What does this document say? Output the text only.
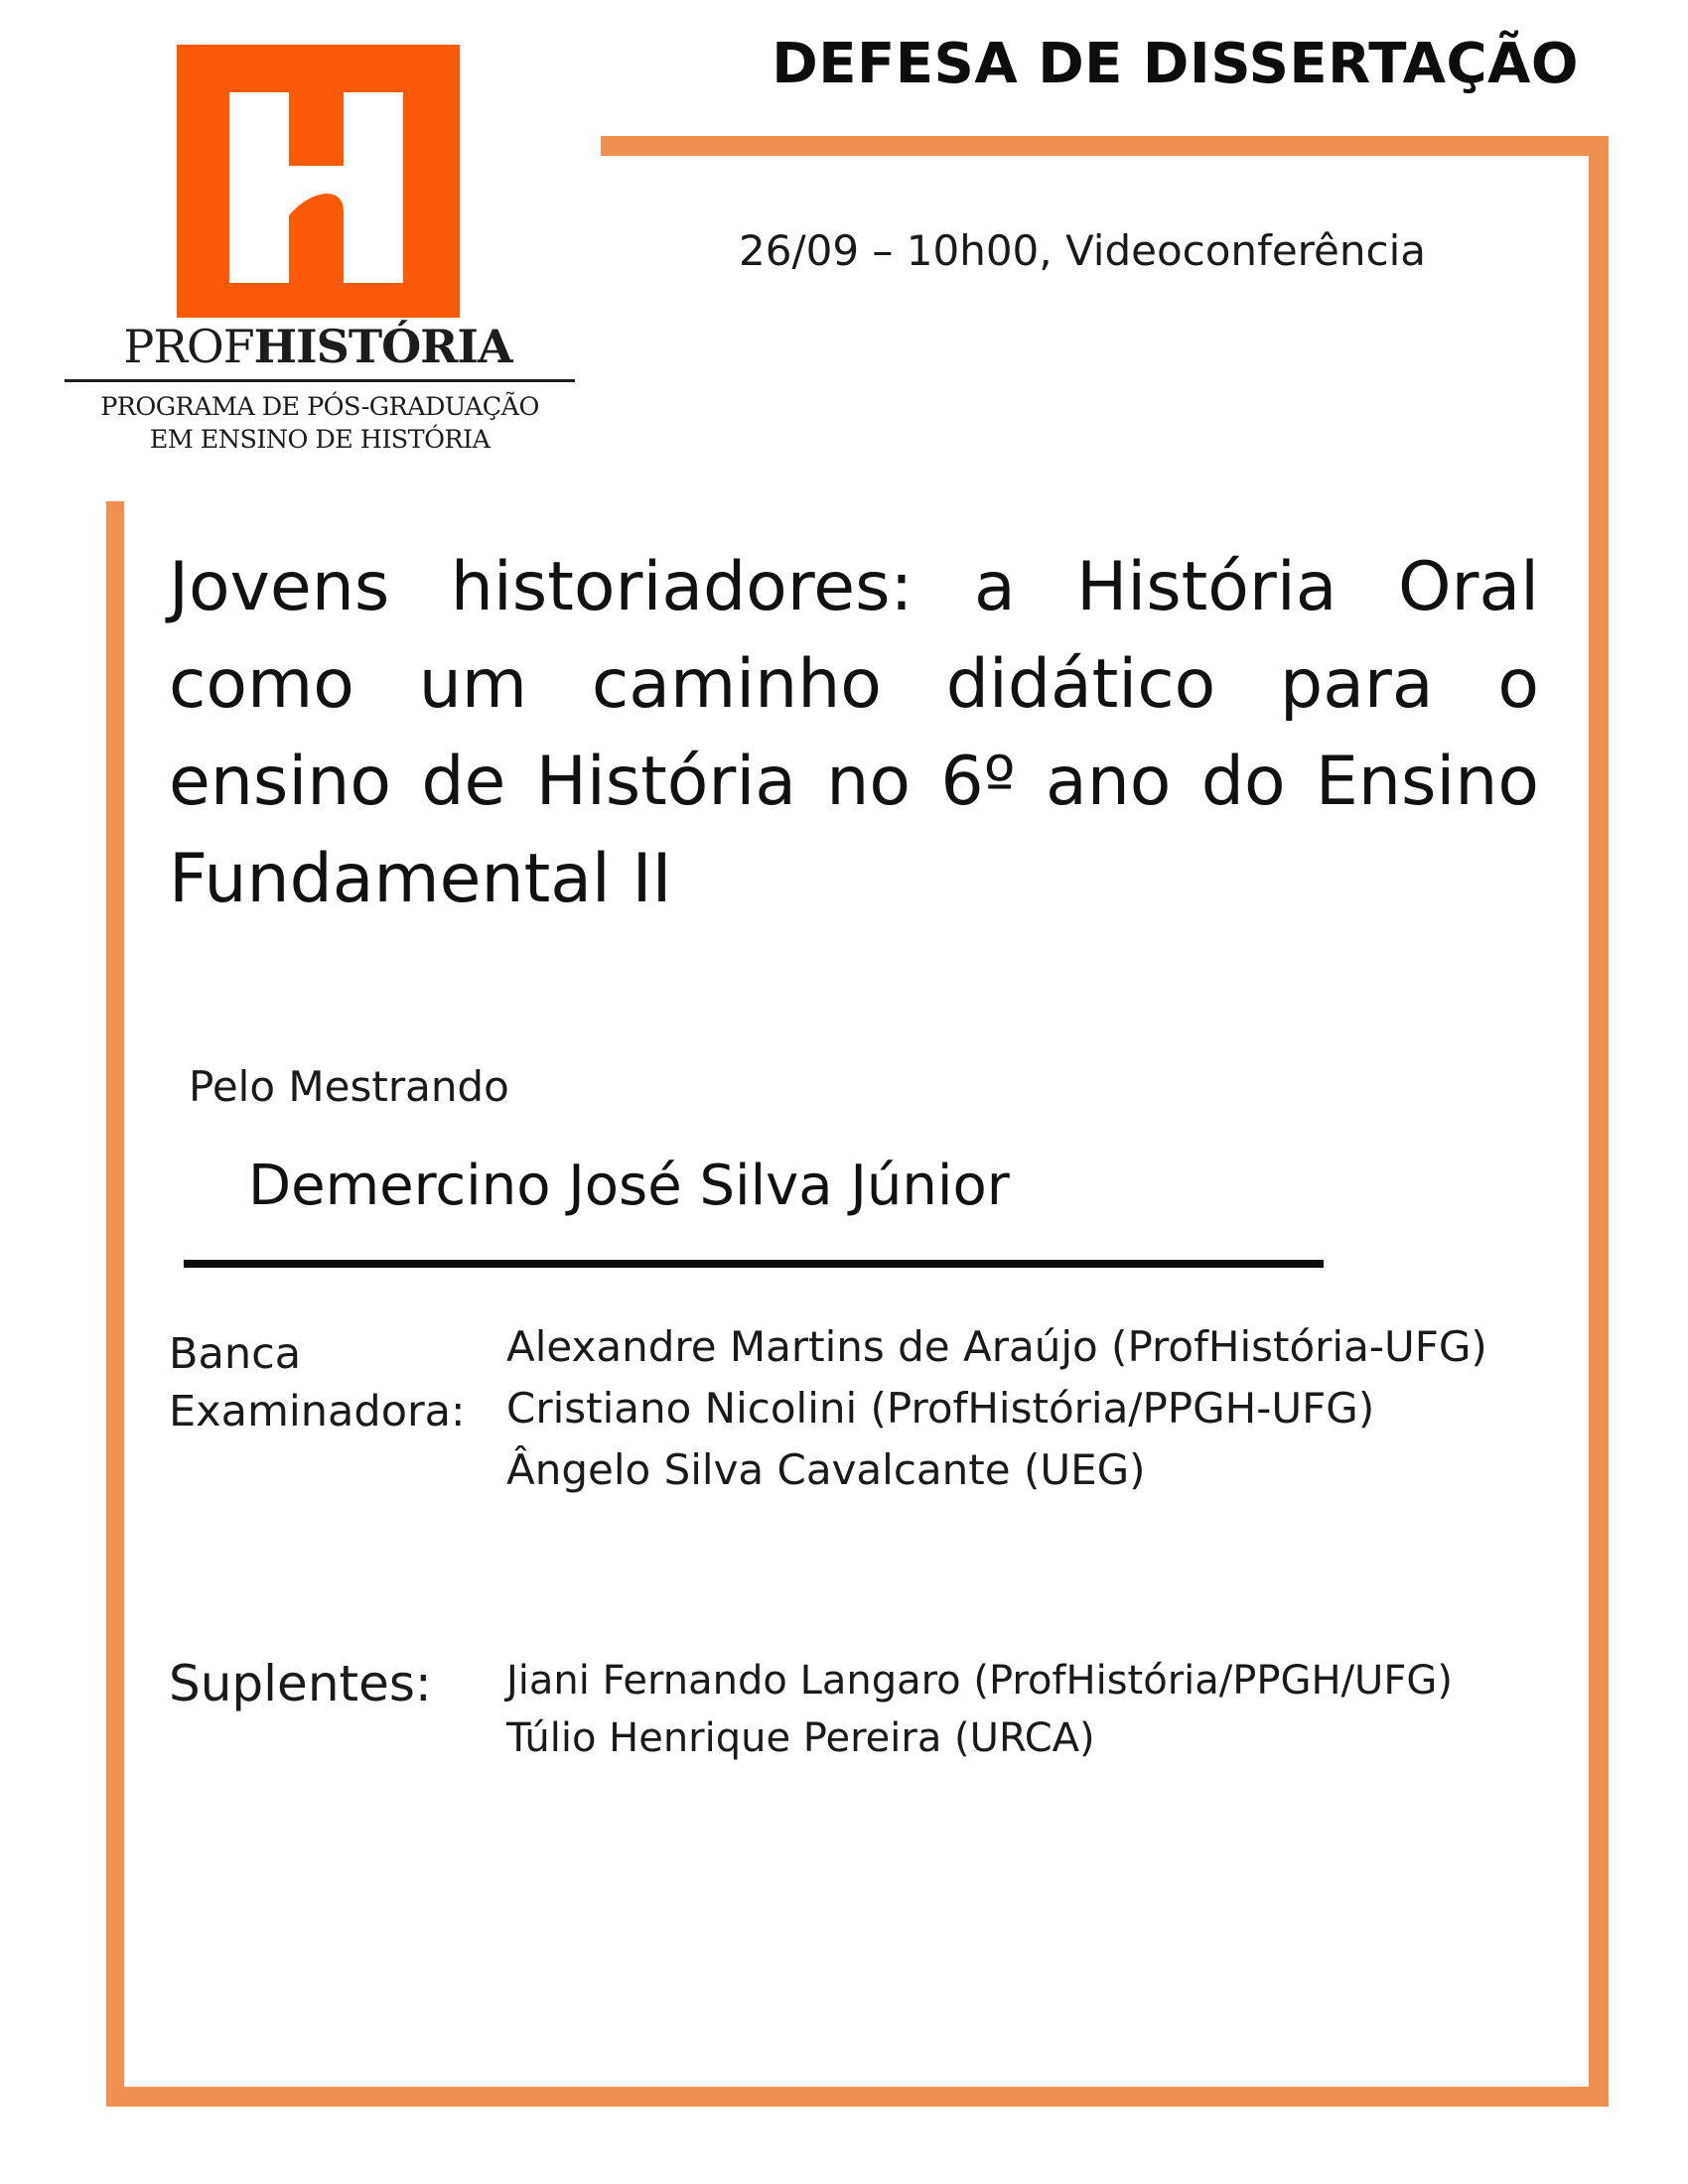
PROFHISTÓRIA
PROGRAMA DE PÓS-GRADUAÇÃO
EM ENSINO DE HISTÓRIA
DEFESA DE DISSERTAÇÃO
26/09 – 10h00, Videoconferência
Jovens historiadores: a História Oral como um caminho didático para o ensino de História no 6º ano do Ensino Fundamental II
Pelo Mestrando
Demercino José Silva Júnior
Banca
Examinadora:
Alexandre Martins de Araújo (ProfHistória-UFG)
Cristiano Nicolini (ProfHistória/PPGH-UFG)
Ângelo Silva Cavalcante (UEG)
Suplentes: Jiani Fernando Langaro (ProfHistória/PPGH/UFG)
Túlio Henrique Pereira (URCA)
